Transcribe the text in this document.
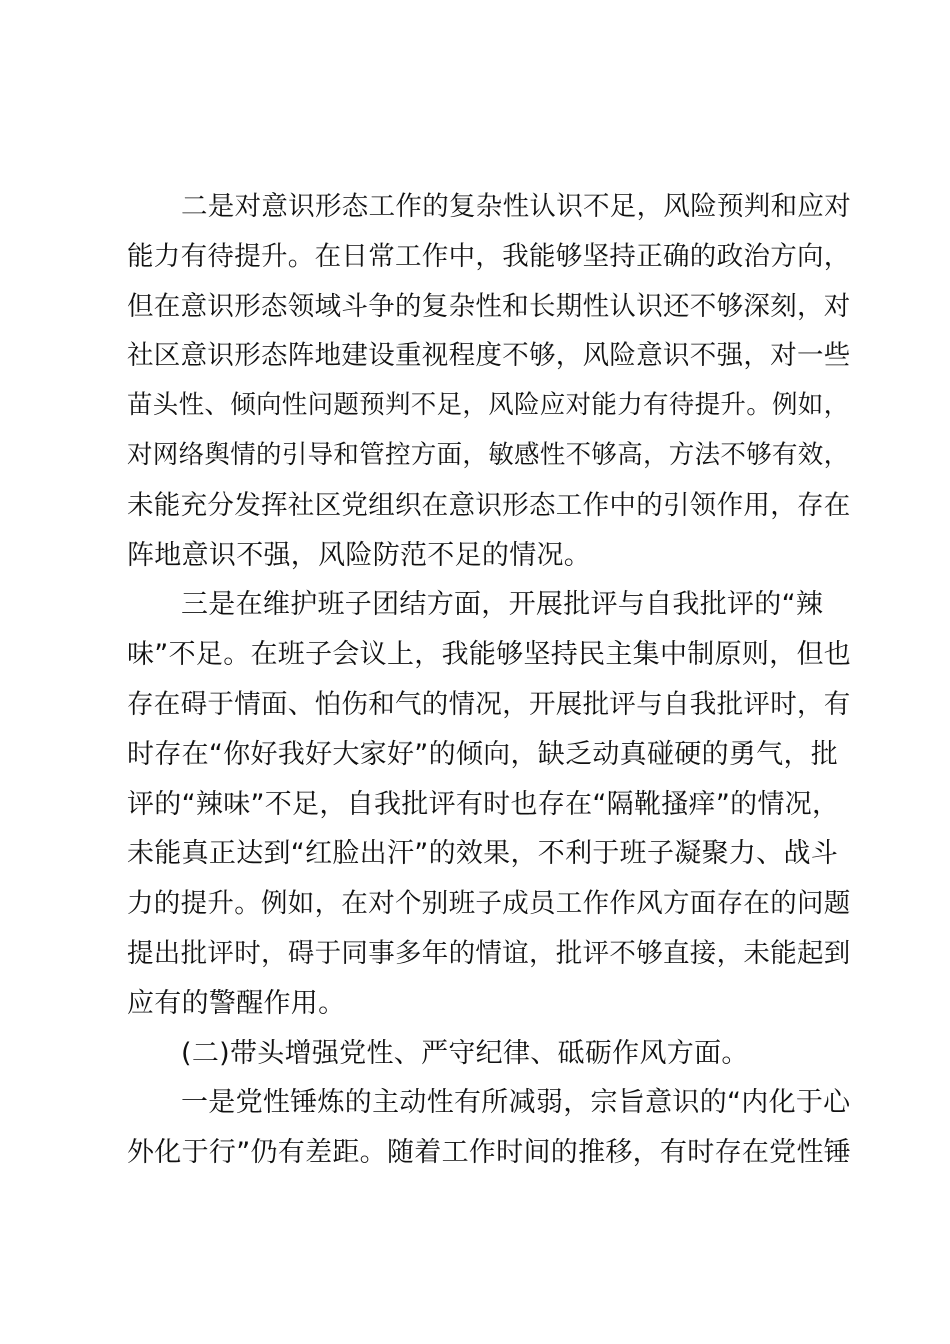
二是对意识形态工作的复杂性认识不足，风险预判和应对
能力有待提升。在日常工作中，我能够坚持正确的政治方向，
但在意识形态领域斗争的复杂性和长期性认识还不够深刻，对
社区意识形态阵地建设重视程度不够，风险意识不强，对一些
苗头性、倾向性问题预判不足，风险应对能力有待提升。例如，
对网络舆情的引导和管控方面，敏感性不够高，方法不够有效，
未能充分发挥社区党组织在意识形态工作中的引领作用，存在
阵地意识不强，风险防范不足的情况。
三是在维护班子团结方面，开展批评与自我批评的“辣
味”不足。在班子会议上，我能够坚持民主集中制原则，但也
存在碍于情面、怕伤和气的情况，开展批评与自我批评时，有
时存在“你好我好大家好”的倾向，缺乏动真碰硬的勇气，批
评的“辣味”不足，自我批评有时也存在“隔靴搔痒”的情况，
未能真正达到“红脸出汗”的效果，不利于班子凝聚力、战斗
力的提升。例如，在对个别班子成员工作作风方面存在的问题
提出批评时，碍于同事多年的情谊，批评不够直接，未能起到
应有的警醒作用。
(二)带头增强党性、严守纪律、砥砺作风方面。
一是党性锤炼的主动性有所减弱，宗旨意识的“内化于心
外化于行”仍有差距。随着工作时间的推移，有时存在党性锤
